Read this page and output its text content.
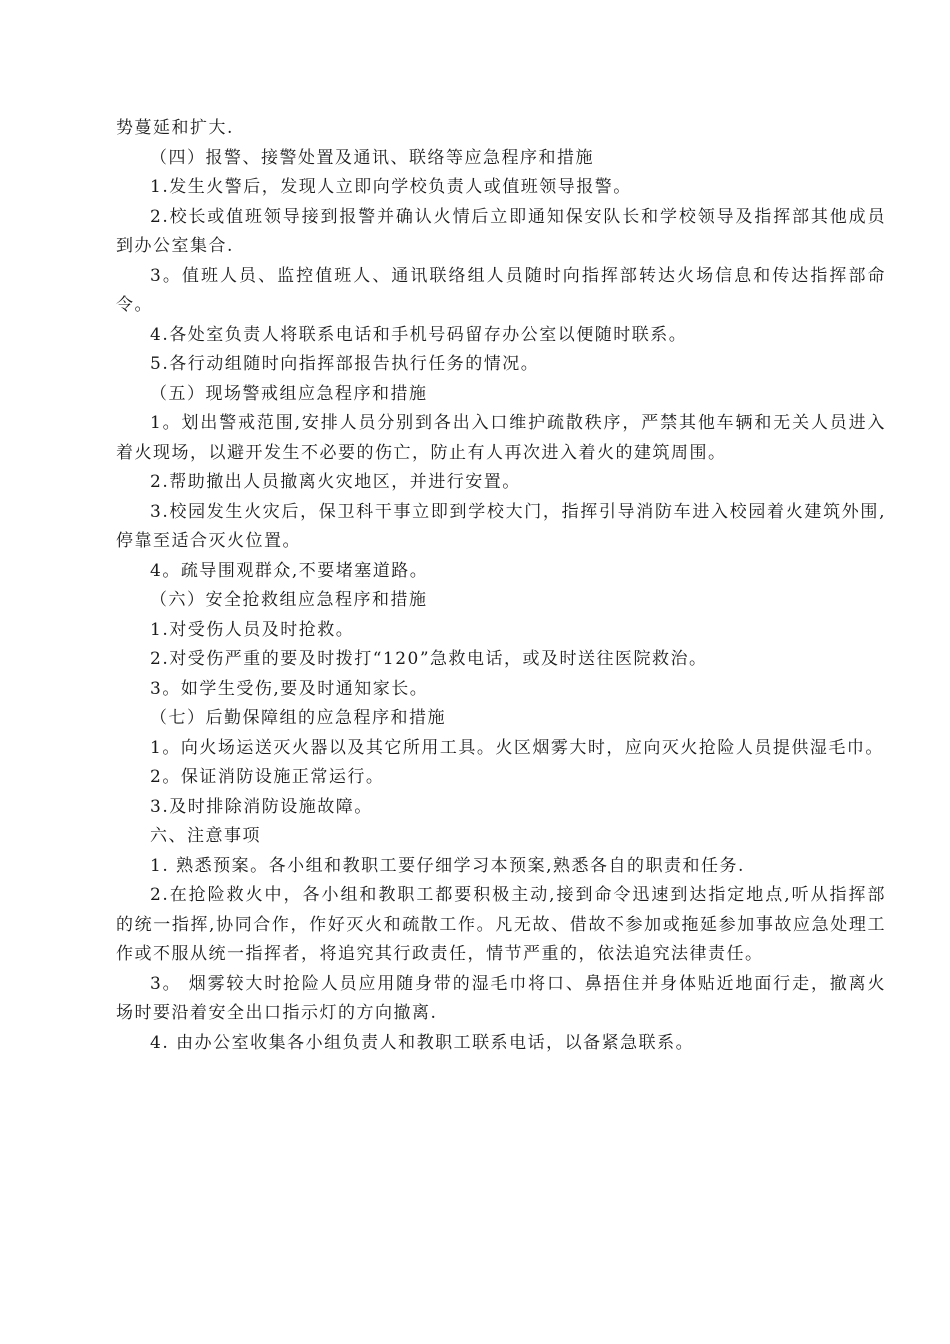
势蔓延和扩大.

（四）报警、接警处置及通讯、联络等应急程序和措施

1.发生火警后，发现人立即向学校负责人或值班领导报警。

2.校长或值班领导接到报警并确认火情后立即通知保安队长和学校领导及指挥部其他成员到办公室集合.

3。值班人员、监控值班人、通讯联络组人员随时向指挥部转达火场信息和传达指挥部命令。

4.各处室负责人将联系电话和手机号码留存办公室以便随时联系。

5.各行动组随时向指挥部报告执行任务的情况。

（五）现场警戒组应急程序和措施

1。划出警戒范围,安排人员分别到各出入口维护疏散秩序，严禁其他车辆和无关人员进入着火现场，以避开发生不必要的伤亡，防止有人再次进入着火的建筑周围。

2.帮助撤出人员撤离火灾地区，并进行安置。

3.校园发生火灾后，保卫科干事立即到学校大门，指挥引导消防车进入校园着火建筑外围,停靠至适合灭火位置。

4。疏导围观群众,不要堵塞道路。

（六）安全抢救组应急程序和措施

1.对受伤人员及时抢救。

2.对受伤严重的要及时拨打“120”急救电话，或及时送往医院救治。

3。如学生受伤,要及时通知家长。

（七）后勤保障组的应急程序和措施

1。向火场运送灭火器以及其它所用工具。火区烟雾大时，应向灭火抢险人员提供湿毛巾。

2。保证消防设施正常运行。

3.及时排除消防设施故障。

六、注意事项

1. 熟悉预案。各小组和教职工要仔细学习本预案,熟悉各自的职责和任务.

2.在抢险救火中，各小组和教职工都要积极主动,接到命令迅速到达指定地点,听从指挥部的统一指挥,协同合作，作好灭火和疏散工作。凡无故、借故不参加或拖延参加事故应急处理工作或不服从统一指挥者，将追究其行政责任，情节严重的，依法追究法律责任。

3。 烟雾较大时抢险人员应用随身带的湿毛巾将口、鼻捂住并身体贴近地面行走，撤离火场时要沿着安全出口指示灯的方向撤离.

4. 由办公室收集各小组负责人和教职工联系电话，以备紧急联系。
